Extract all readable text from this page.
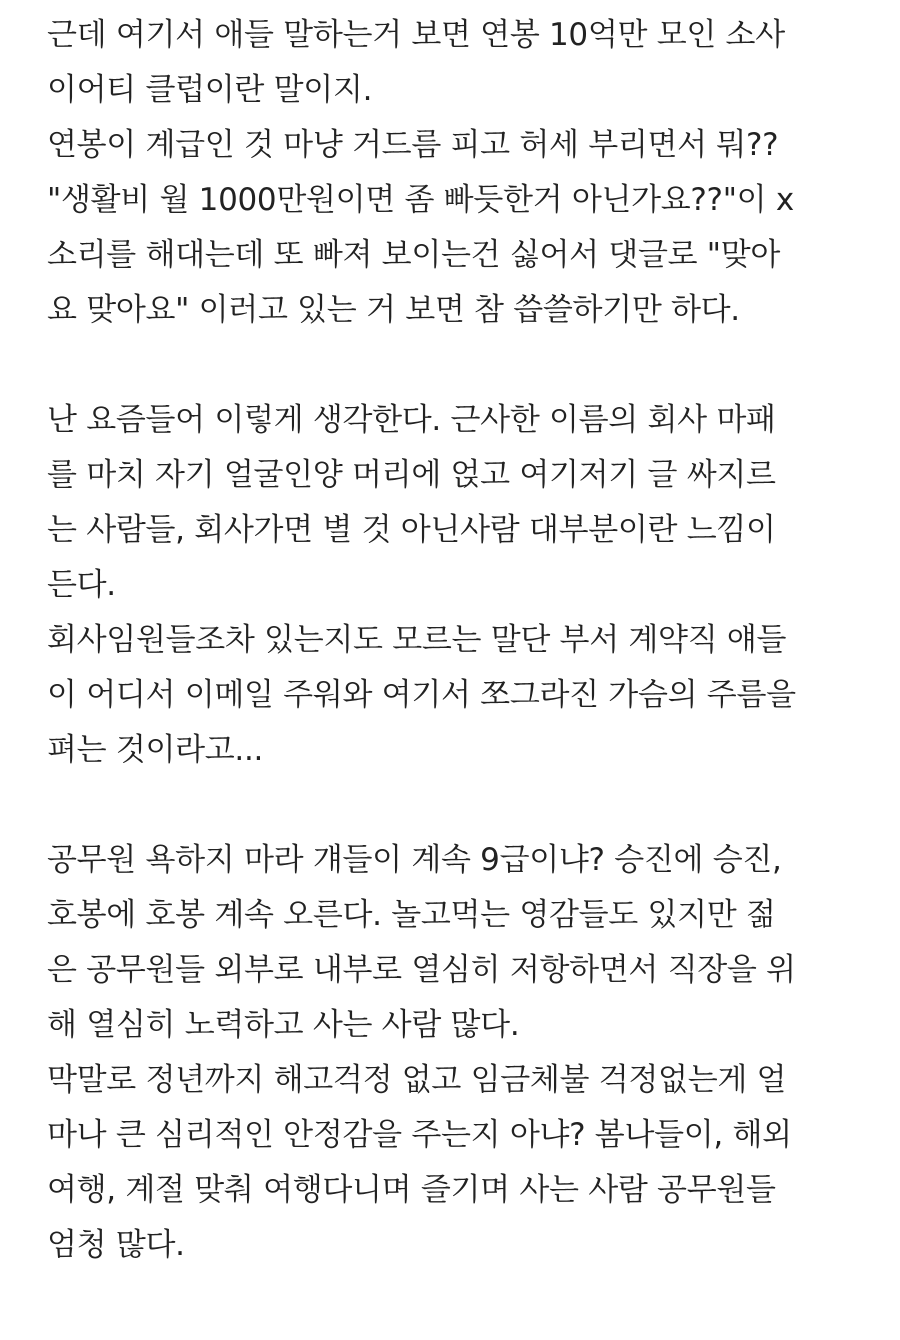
근데 여기서 애들 말하는거 보면 연봉 10억만 모인 소사
이어티 클럽이란 말이지.
연봉이 계급인 것 마냥 거드름 피고 허세 부리면서 뭐??
"생활비 월 1000만원이면 좀 빠듯한거 아닌가요??"이 x
소리를 해대는데 또 빠져 보이는건 싫어서 댓글로 "맞아
요 맞아요" 이러고 있는 거 보면 참 씁쓸하기만 하다.
난 요즘들어 이렇게 생각한다. 근사한 이름의 회사 마패
를 마치 자기 얼굴인양 머리에 얹고 여기저기 글 싸지르
는 사람들, 회사가면 별 것 아닌사람 대부분이란 느낌이
든다.
회사임원들조차 있는지도 모르는 말단 부서 계약직 얘들
이 어디서 이메일 주워와 여기서 쪼그라진 가슴의 주름을
펴는 것이라고...
공무원 욕하지 마라 걔들이 계속 9급이냐? 승진에 승진,
호봉에 호봉 계속 오른다. 놀고먹는 영감들도 있지만 젊
은 공무원들 외부로 내부로 열심히 저항하면서 직장을 위
해 열심히 노력하고 사는 사람 많다.
막말로 정년까지 해고걱정 없고 임금체불 걱정없는게 얼
마나 큰 심리적인 안정감을 주는지 아냐? 봄나들이, 해외
여행, 계절 맞춰 여행다니며 즐기며 사는 사람 공무원들
엄청 많다.
